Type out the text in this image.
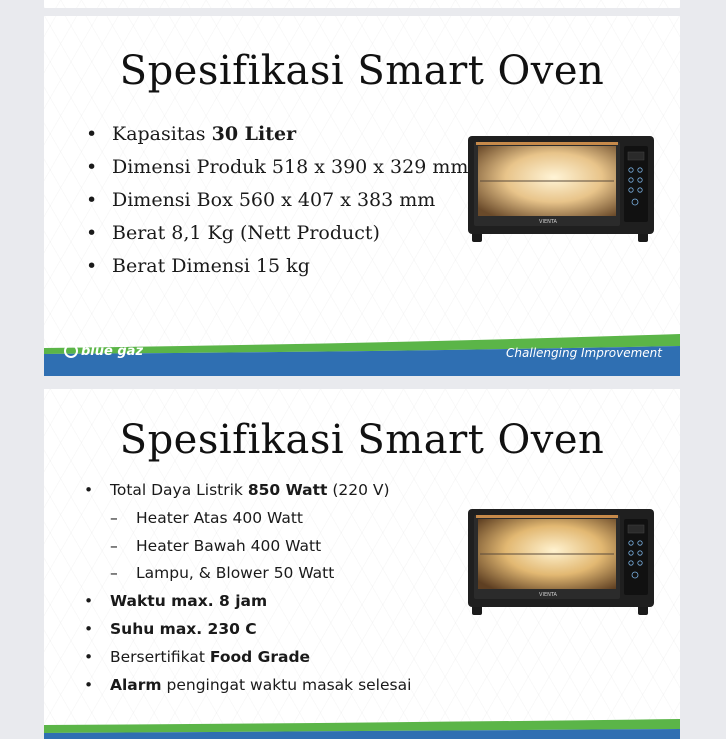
Spesifikasi Smart Oven
• Kapasitas 30 Liter
• Dimensi Produk 518 x 390 x 329 mm
• Dimensi Box 560 x 407 x 383 mm
• Berat 8,1 Kg (Nett Product)
• Berat Dimensi 15 kg
VIENTA
blue gaz	Challenging Improvement
Spesifikasi Smart Oven
• Total Daya Listrik 850 Watt (220 V)
– Heater Atas 400 Watt
– Heater Bawah 400 Watt
– Lampu, & Blower 50 Watt
• Waktu max. 8 jam
• Suhu max. 230 C
• Bersertifikat Food Grade
• Alarm pengingat waktu masak selesai
VIENTA
